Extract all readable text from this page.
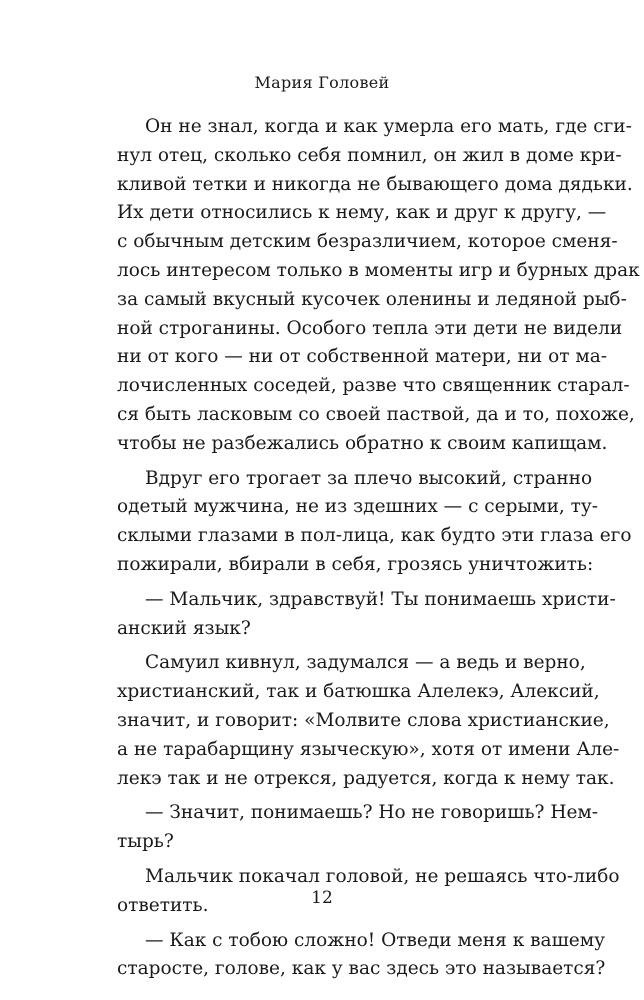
Мария Головей
Он не знал, когда и как умерла его мать, где сги-
нул отец, сколько себя помнил, он жил в доме кри-
кливой тетки и никогда не бывающего дома дядьки.
Их дети относились к нему, как и друг к другу, —
с обычным детским безразличием, которое сменя-
лось интересом только в моменты игр и бурных драк
за самый вкусный кусочек оленины и ледяной рыб-
ной строганины. Особого тепла эти дети не видели
ни от кого — ни от собственной матери, ни от ма-
лочисленных соседей, разве что священник старал-
ся быть ласковым со своей паствой, да и то, похоже,
чтобы не разбежались обратно к своим капищам.
Вдруг его трогает за плечо высокий, странно
одетый мужчина, не из здешних — с серыми, ту-
склыми глазами в пол-лица, как будто эти глаза его
пожирали, вбирали в себя, грозясь уничтожить:
— Мальчик, здравствуй! Ты понимаешь христи-
анский язык?
Самуил кивнул, задумался — а ведь и верно,
христианский, так и батюшка Алелекэ, Алексий,
значит, и говорит: «Молвите слова христианские,
а не тарабарщину языческую», хотя от имени Але-
лекэ так и не отрекся, радуется, когда к нему так.
— Значит, понимаешь? Но не говоришь? Нем-
тырь?
Мальчик покачал головой, не решаясь что-либо
ответить.
— Как с тобою сложно! Отведи меня к вашему
старосте, голове, как у вас здесь это называется?
12
